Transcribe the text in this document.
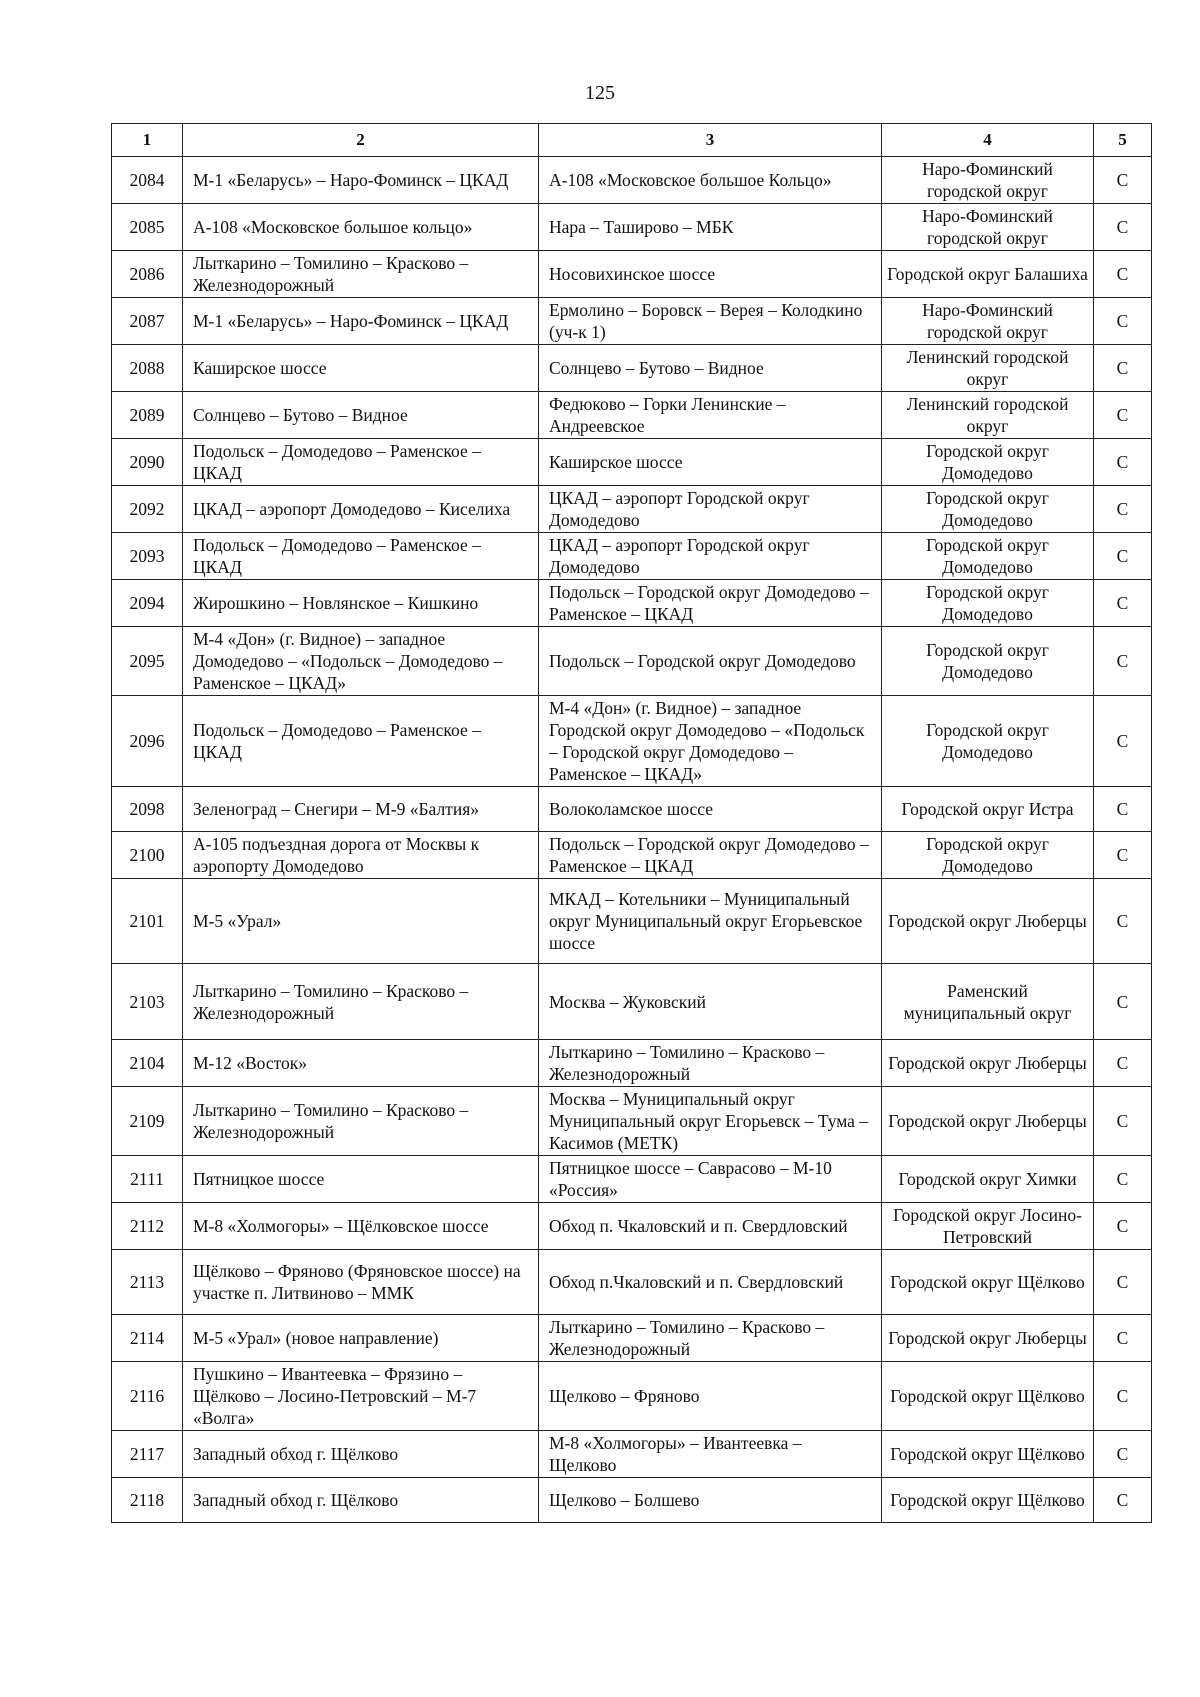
125
1	2	3	4	5
2084	М-1 «Беларусь» – Наро-Фоминск – ЦКАД	А-108 «Московское большое Кольцо»	Наро-Фоминский городской округ	С
2085	А-108 «Московское большое кольцо»	Нара – Таширово – МБК	Наро-Фоминский городской округ	С
2086	Лыткарино – Томилино – Красково – Железнодорожный	Носовихинское шоссе	Городской округ Балашиха	С
2087	М-1 «Беларусь» – Наро-Фоминск – ЦКАД	Ермолино – Боровск – Верея – Колодкино (уч-к 1)	Наро-Фоминский городской округ	С
2088	Каширское шоссе	Солнцево – Бутово – Видное	Ленинский городской округ	С
2089	Солнцево – Бутово – Видное	Федюково – Горки Ленинские – Андреевское	Ленинский городской округ	С
2090	Подольск – Домодедово – Раменское – ЦКАД	Каширское шоссе	Городской округ Домодедово	С
2092	ЦКАД – аэропорт Домодедово – Киселиха	ЦКАД – аэропорт Городской округ Домодедово	Городской округ Домодедово	С
2093	Подольск – Домодедово – Раменское – ЦКАД	ЦКАД – аэропорт Городской округ Домодедово	Городской округ Домодедово	С
2094	Жирошкино – Новлянское – Кишкино	Подольск – Городской округ Домодедово – Раменское – ЦКАД	Городской округ Домодедово	С
2095	М-4 «Дон» (г. Видное) – западное Домодедово – «Подольск – Домодедово – Раменское – ЦКАД»	Подольск – Городской округ Домодедово	Городской округ Домодедово	С
2096	Подольск – Домодедово – Раменское – ЦКАД	М-4 «Дон» (г. Видное) – западное Городской округ Домодедово – «Подольск – Городской округ Домодедово – Раменское – ЦКАД»	Городской округ Домодедово	С
2098	Зеленоград – Снегири – М-9 «Балтия»	Волоколамское шоссе	Городской округ Истра	С
2100	А-105 подъездная дорога от Москвы к аэропорту Домодедово	Подольск – Городской округ Домодедово – Раменское – ЦКАД	Городской округ Домодедово	С
2101	М-5 «Урал»	МКАД – Котельники – Муниципальный округ Муниципальный округ Егорьевское шоссе	Городской округ Люберцы	С
2103	Лыткарино – Томилино – Красково – Железнодорожный	Москва – Жуковский	Раменский муниципальный округ	С
2104	М-12 «Восток»	Лыткарино – Томилино – Красково – Железнодорожный	Городской округ Люберцы	С
2109	Лыткарино – Томилино – Красково – Железнодорожный	Москва – Муниципальный округ Муниципальный округ Егорьевск – Тума – Касимов (МЕТК)	Городской округ Люберцы	С
2111	Пятницкое шоссе	Пятницкое шоссе – Саврасово – М-10 «Россия»	Городской округ Химки	С
2112	М-8 «Холмогоры» – Щёлковское шоссе	Обход п. Чкаловский и п. Свердловский	Городской округ Лосино-Петровский	С
2113	Щёлково – Фряново (Фряновское шоссе) на участке п. Литвиново – ММК	Обход п.Чкаловский и п. Свердловский	Городской округ Щёлково	С
2114	М-5 «Урал» (новое направление)	Лыткарино – Томилино – Красково – Железнодорожный	Городской округ Люберцы	С
2116	Пушкино – Ивантеевка – Фрязино – Щёлково – Лосино-Петровский – М-7 «Волга»	Щелково – Фряново	Городской округ Щёлково	С
2117	Западный обход г. Щёлково	М-8 «Холмогоры» – Ивантеевка – Щелково	Городской округ Щёлково	С
2118	Западный обход г. Щёлково	Щелково – Болшево	Городской округ Щёлково	С
